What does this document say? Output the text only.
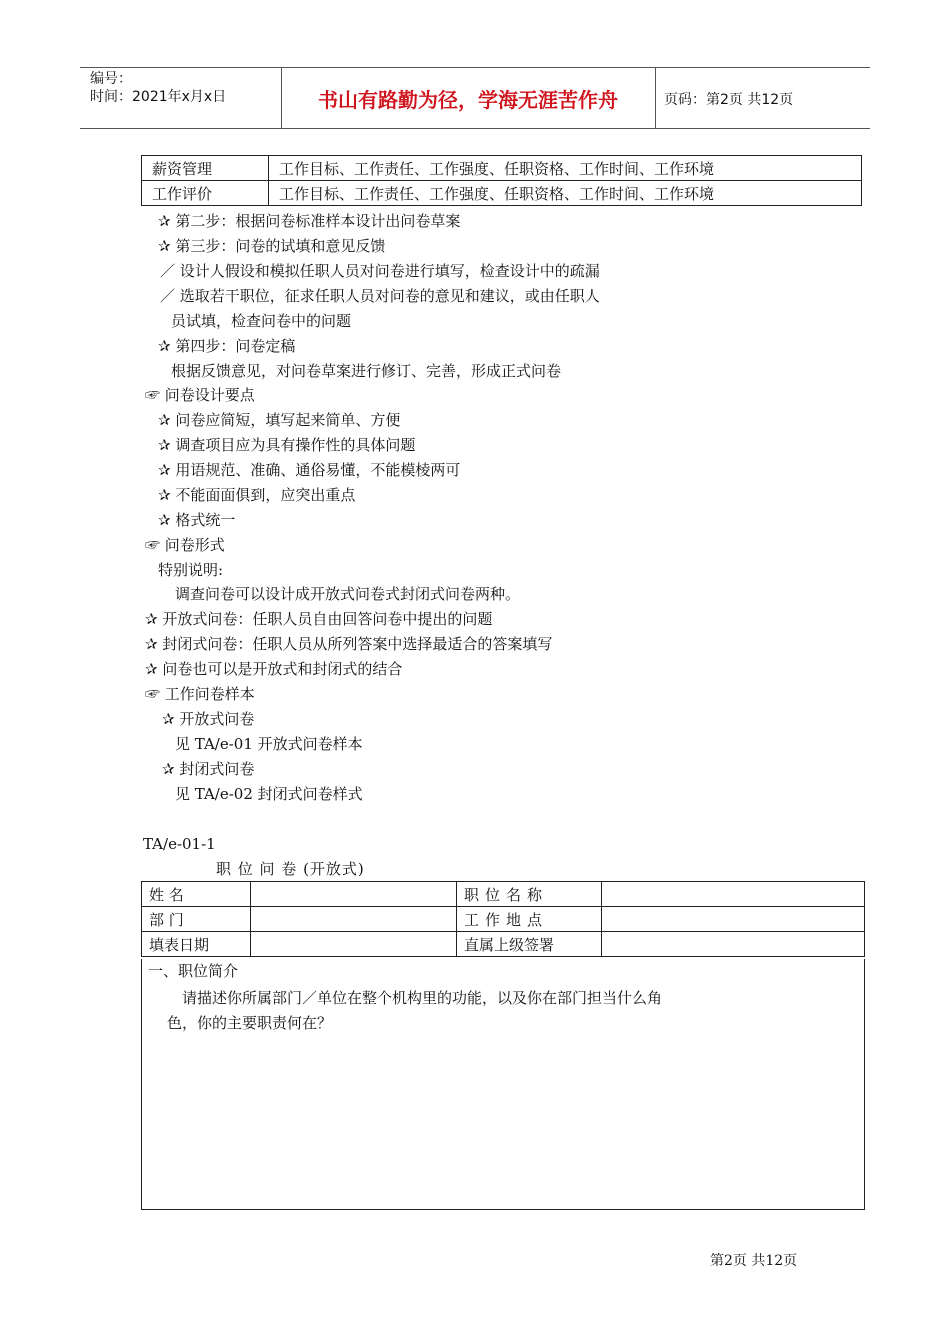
编号：
时间：2021年x月x日	书山有路勤为径，学海无涯苦作舟	页码：第2页 共12页
薪资管理	工作目标、工作责任、工作强度、任职资格、工作时间、工作环境
工作评价	工作目标、工作责任、工作强度、任职资格、工作时间、工作环境
✰ 第二步：根据问卷标准样本设计出问卷草案
✰ 第三步：问卷的试填和意见反馈
／ 设计人假设和模拟任职人员对问卷进行填写，检查设计中的疏漏
／ 选取若干职位，征求任职人员对问卷的意见和建议，或由任职人
员试填，检查问卷中的问题
✰ 第四步：问卷定稿
根据反馈意见，对问卷草案进行修订、完善，形成正式问卷
☞ 问卷设计要点
✰ 问卷应简短，填写起来简单、方便
✰ 调查项目应为具有操作性的具体问题
✰ 用语规范、准确、通俗易懂，不能模棱两可
✰ 不能面面俱到，应突出重点
✰ 格式统一
☞ 问卷形式
特别说明:
调查问卷可以设计成开放式问卷式封闭式问卷两种。
✰ 开放式问卷：任职人员自由回答问卷中提出的问题
✰ 封闭式问卷：任职人员从所列答案中选择最适合的答案填写
✰ 问卷也可以是开放式和封闭式的结合
☞ 工作问卷样本
✰ 开放式问卷
见 TA/e-01 开放式问卷样本
✰ 封闭式问卷
见 TA/e-02 封闭式问卷样式
TA/e-01-1
职 位 问 卷 (开放式)
姓 名		职位名称	
部 门		工作地点	
填表日期		直属上级签署	
一、职位简介
请描述你所属部门／单位在整个机构里的功能，以及你在部门担当什么角
色，你的主要职责何在？
第2页 共12页
